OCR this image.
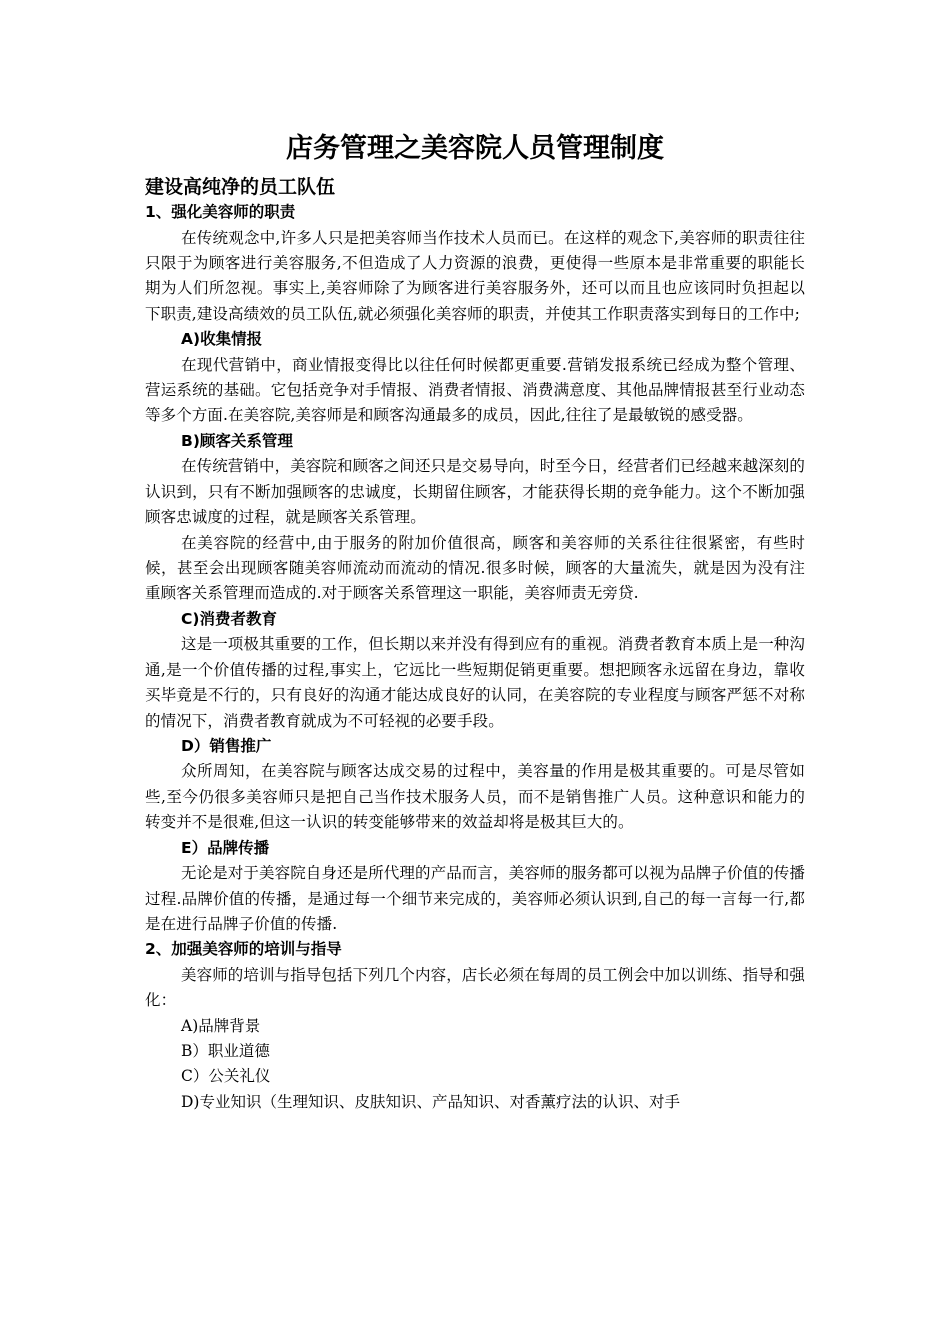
店务管理之美容院人员管理制度
建设高纯净的员工队伍
1、强化美容师的职责

在传统观念中,许多人只是把美容师当作技术人员而已。在这样的观念下,美容师的职责往往只限于为顾客进行美容服务,不但造成了人力资源的浪费，更使得一些原本是非常重要的职能长期为人们所忽视。事实上,美容师除了为顾客进行美容服务外，还可以而且也应该同时负担起以下职责,建设高绩效的员工队伍,就必须强化美容师的职责，并使其工作职责落实到每日的工作中;

A)收集情报

在现代营销中，商业情报变得比以往任何时候都更重要.营销发报系统已经成为整个管理、营运系统的基础。它包括竞争对手情报、消费者情报、消费满意度、其他品牌情报甚至行业动态等多个方面.在美容院,美容师是和顾客沟通最多的成员，因此,往往了是最敏锐的感受器。

B)顾客关系管理

在传统营销中，美容院和顾客之间还只是交易导向，时至今日，经营者们已经越来越深刻的认识到，只有不断加强顾客的忠诚度，长期留住顾客，才能获得长期的竞争能力。这个不断加强顾客忠诚度的过程，就是顾客关系管理。

在美容院的经营中,由于服务的附加价值很高，顾客和美容师的关系往往很紧密，有些时候，甚至会出现顾客随美容师流动而流动的情况.很多时候，顾客的大量流失，就是因为没有注重顾客关系管理而造成的.对于顾客关系管理这一职能，美容师责无旁贷.

C)消费者教育

这是一项极其重要的工作，但长期以来并没有得到应有的重视。消费者教育本质上是一种沟通,是一个价值传播的过程,事实上，它远比一些短期促销更重要。想把顾客永远留在身边，靠收买毕竟是不行的，只有良好的沟通才能达成良好的认同，在美容院的专业程度与顾客严惩不对称的情况下，消费者教育就成为不可轻视的必要手段。

D）销售推广

众所周知，在美容院与顾客达成交易的过程中，美容量的作用是极其重要的。可是尽管如些,至今仍很多美容师只是把自己当作技术服务人员，而不是销售推广人员。这种意识和能力的转变并不是很难,但这一认识的转变能够带来的效益却将是极其巨大的。

E）品牌传播

无论是对于美容院自身还是所代理的产品而言，美容师的服务都可以视为品牌子价值的传播过程.品牌价值的传播，是通过每一个细节来完成的，美容师必须认识到,自己的每一言每一行,都是在进行品牌子价值的传播.

2、加强美容师的培训与指导

美容师的培训与指导包括下列几个内容，店长必须在每周的员工例会中加以训练、指导和强化：

A)品牌背景
B）职业道德
C）公关礼仪
D)专业知识（生理知识、皮肤知识、产品知识、对香薰疗法的认识、对手
